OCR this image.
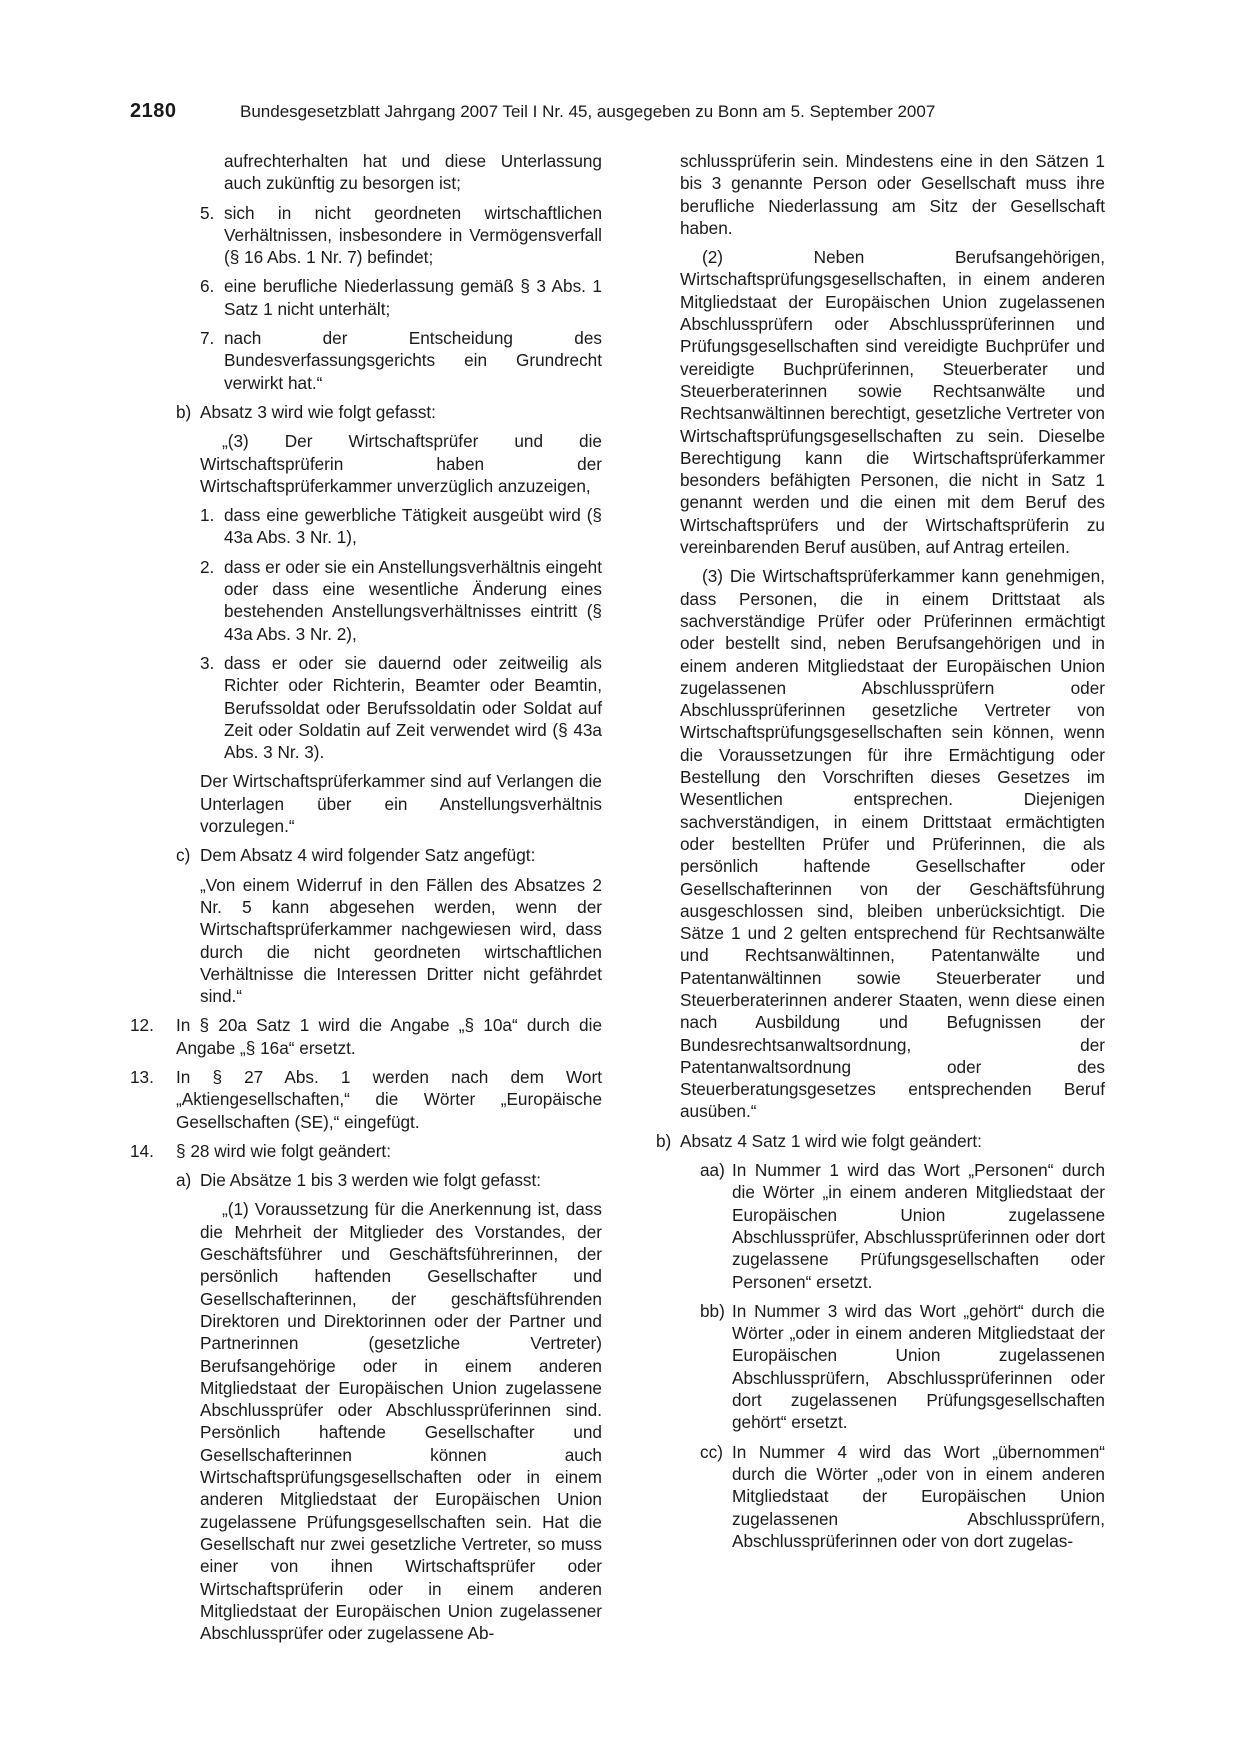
2180	Bundesgesetzblatt Jahrgang 2007 Teil I Nr. 45, ausgegeben zu Bonn am 5. September 2007

aufrechterhalten hat und diese Unterlassung auch zukünftig zu besorgen ist;

5. sich in nicht geordneten wirtschaftlichen Verhältnissen, insbesondere in Vermögensverfall (§ 16 Abs. 1 Nr. 7) befindet;
6. eine berufliche Niederlassung gemäß § 3 Abs. 1 Satz 1 nicht unterhält;
7. nach der Entscheidung des Bundesverfassungsgerichts ein Grundrecht verwirkt hat.“
b) Absatz 3 wird wie folgt gefasst:

„(3) Der Wirtschaftsprüfer und die Wirtschaftsprüferin haben der Wirtschaftsprüferkammer unverzüglich anzuzeigen,

1. dass eine gewerbliche Tätigkeit ausgeübt wird (§ 43a Abs. 3 Nr. 1),
2. dass er oder sie ein Anstellungsverhältnis eingeht oder dass eine wesentliche Änderung eines bestehenden Anstellungsverhältnisses eintritt (§ 43a Abs. 3 Nr. 2),
3. dass er oder sie dauernd oder zeitweilig als Richter oder Richterin, Beamter oder Beamtin, Berufssoldat oder Berufssoldatin oder Soldat auf Zeit oder Soldatin auf Zeit verwendet wird (§ 43a Abs. 3 Nr. 3).

Der Wirtschaftsprüferkammer sind auf Verlangen die Unterlagen über ein Anstellungsverhältnis vorzulegen.“

c) Dem Absatz 4 wird folgender Satz angefügt:

„Von einem Widerruf in den Fällen des Absatzes 2 Nr. 5 kann abgesehen werden, wenn der Wirtschaftsprüferkammer nachgewiesen wird, dass durch die nicht geordneten wirtschaftlichen Verhältnisse die Interessen Dritter nicht gefährdet sind.“

12.	In § 20a Satz 1 wird die Angabe „§ 10a“ durch die Angabe „§ 16a“ ersetzt.
13.	In § 27 Abs. 1 werden nach dem Wort „Aktiengesellschaften,“ die Wörter „Europäische Gesellschaften (SE),“ eingefügt.
14.	§ 28 wird wie folgt geändert:
a) Die Absätze 1 bis 3 werden wie folgt gefasst:

„(1) Voraussetzung für die Anerkennung ist, dass die Mehrheit der Mitglieder des Vorstandes, der Geschäftsführer und Geschäftsführerinnen, der persönlich haftenden Gesellschafter und Gesellschafterinnen, der geschäftsführenden Direktoren und Direktorinnen oder der Partner und Partnerinnen (gesetzliche Vertreter) Berufsangehörige oder in einem anderen Mitgliedstaat der Europäischen Union zugelassene Abschlussprüfer oder Abschlussprüferinnen sind. Persönlich haftende Gesellschafter und Gesellschafterinnen können auch Wirtschaftsprüfungsgesellschaften oder in einem anderen Mitgliedstaat der Europäischen Union zugelassene Prüfungsgesellschaften sein. Hat die Gesellschaft nur zwei gesetzliche Vertreter, so muss einer von ihnen Wirtschaftsprüfer oder Wirtschaftsprüferin oder in einem anderen Mitgliedstaat der Europäischen Union zugelassener Abschlussprüfer oder zugelassene Ab-

schlussprüferin sein. Mindestens eine in den Sätzen 1 bis 3 genannte Person oder Gesellschaft muss ihre berufliche Niederlassung am Sitz der Gesellschaft haben.

(2) Neben Berufsangehörigen, Wirtschaftsprüfungsgesellschaften, in einem anderen Mitgliedstaat der Europäischen Union zugelassenen Abschlussprüfern oder Abschlussprüferinnen und Prüfungsgesellschaften sind vereidigte Buchprüfer und vereidigte Buchprüferinnen, Steuerberater und Steuerberaterinnen sowie Rechtsanwälte und Rechtsanwältinnen berechtigt, gesetzliche Vertreter von Wirtschaftsprüfungsgesellschaften zu sein. Dieselbe Berechtigung kann die Wirtschaftsprüferkammer besonders befähigten Personen, die nicht in Satz 1 genannt werden und die einen mit dem Beruf des Wirtschaftsprüfers und der Wirtschaftsprüferin zu vereinbarenden Beruf ausüben, auf Antrag erteilen.

(3) Die Wirtschaftsprüferkammer kann genehmigen, dass Personen, die in einem Drittstaat als sachverständige Prüfer oder Prüferinnen ermächtigt oder bestellt sind, neben Berufsangehörigen und in einem anderen Mitgliedstaat der Europäischen Union zugelassenen Abschlussprüfern oder Abschlussprüferinnen gesetzliche Vertreter von Wirtschaftsprüfungsgesellschaften sein können, wenn die Voraussetzungen für ihre Ermächtigung oder Bestellung den Vorschriften dieses Gesetzes im Wesentlichen entsprechen. Diejenigen sachverständigen, in einem Drittstaat ermächtigten oder bestellten Prüfer und Prüferinnen, die als persönlich haftende Gesellschafter oder Gesellschafterinnen von der Geschäftsführung ausgeschlossen sind, bleiben unberücksichtigt. Die Sätze 1 und 2 gelten entsprechend für Rechtsanwälte und Rechtsanwältinnen, Patentanwälte und Patentanwältinnen sowie Steuerberater und Steuerberaterinnen anderer Staaten, wenn diese einen nach Ausbildung und Befugnissen der Bundesrechtsanwaltsordnung, der Patentanwaltsordnung oder des Steuerberatungsgesetzes entsprechenden Beruf ausüben.“

b) Absatz 4 Satz 1 wird wie folgt geändert:
aa) In Nummer 1 wird das Wort „Personen“ durch die Wörter „in einem anderen Mitgliedstaat der Europäischen Union zugelassene Abschlussprüfer, Abschlussprüferinnen oder dort zugelassene Prüfungsgesellschaften oder Personen“ ersetzt.
bb) In Nummer 3 wird das Wort „gehört“ durch die Wörter „oder in einem anderen Mitgliedstaat der Europäischen Union zugelassenen Abschlussprüfern, Abschlussprüferinnen oder dort zugelassenen Prüfungsgesellschaften gehört“ ersetzt.
cc) In Nummer 4 wird das Wort „übernommen“ durch die Wörter „oder von in einem anderen Mitgliedstaat der Europäischen Union zugelassenen Abschlussprüfern, Abschlussprüferinnen oder von dort zugelas-
